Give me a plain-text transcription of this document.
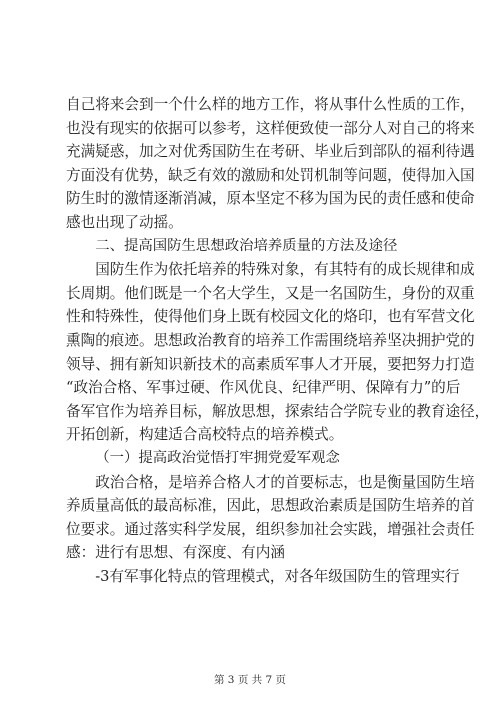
自己将来会到一个什么样的地方工作，将从事什么性质的工作，
也没有现实的依据可以参考，这样便致使一部分人对自己的将来
充满疑惑，加之对优秀国防生在考研、毕业后到部队的福利待遇
方面没有优势，缺乏有效的激励和处罚机制等问题，使得加入国
防生时的激情逐渐消减，原本坚定不移为国为民的责任感和使命
感也出现了动摇。
二、提高国防生思想政治培养质量的方法及途径
国防生作为依托培养的特殊对象，有其特有的成长规律和成
长周期。他们既是一个名大学生，又是一名国防生，身份的双重
性和特殊性，使得他们身上既有校园文化的烙印，也有军营文化
熏陶的痕迹。思想政治教育的培养工作需围绕培养坚决拥护党的
领导、拥有新知识新技术的高素质军事人才开展，要把努力打造
“政治合格、军事过硬、作风优良、纪律严明、保障有力”的后
备军官作为培养目标，解放思想，探索结合学院专业的教育途径，
开拓创新，构建适合高校特点的培养模式。
（一）提高政治觉悟打牢拥党爱军观念
政治合格，是培养合格人才的首要标志，也是衡量国防生培
养质量高低的最高标准，因此，思想政治素质是国防生培养的首
位要求。通过落实科学发展，组织参加社会实践，增强社会责任
感：进行有思想、有深度、有内涵
-3有军事化特点的管理模式，对各年级国防生的管理实行
第 3 页 共 7 页
